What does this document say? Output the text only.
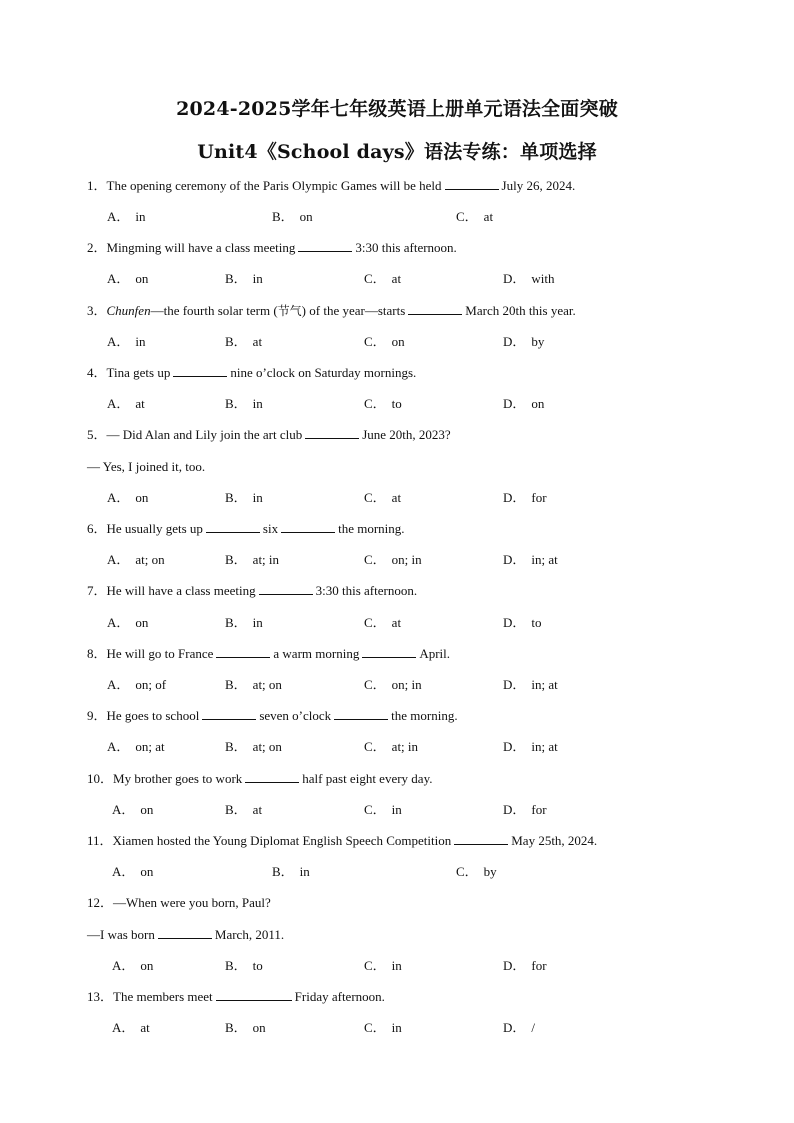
2024-2025学年七年级英语上册单元语法全面突破
Unit4《School days》语法专练：单项选择
1．The opening ceremony of the Paris Olympic Games will be held	July 26, 2024.
A． in	B． on	C． at
2．Mingming will have a class meeting	3:30 this afternoon.
A． on	B． in	C． at	D． with
3．Chunfen—the fourth solar term (节气) of the year—starts	March 20th this year.
A． in	B． at	C． on	D． by
4．Tina gets up	nine o’clock on Saturday mornings.
A． at	B． in	C． to	D． on
5．— Did Alan and Lily join the art club	June 20th, 2023?
— Yes, I joined it, too.
A． on	B． in	C． at	D． for
6．He usually gets up	six	the morning.
A． at; on	B． at; in	C． on; in	D． in; at
7．He will have a class meeting	3:30 this afternoon.
A． on	B． in	C． at	D． to
8．He will go to France	a warm morning	April.
A． on; of	B． at; on	C． on; in	D． in; at
9．He goes to school	seven o’clock	the morning.
A． on; at	B． at; on	C． at; in	D． in; at
10．My brother goes to work	half past eight every day.
A． on	B． at	C． in	D． for
11．Xiamen hosted the Young Diplomat English Speech Competition	May 25th, 2024.
A． on	B． in	C． by
12．—When were you born, Paul?
—I was born	March, 2011.
A． on	B． to	C． in	D． for
13．The members meet	Friday afternoon.
A． at	B． on	C． in	D． /
